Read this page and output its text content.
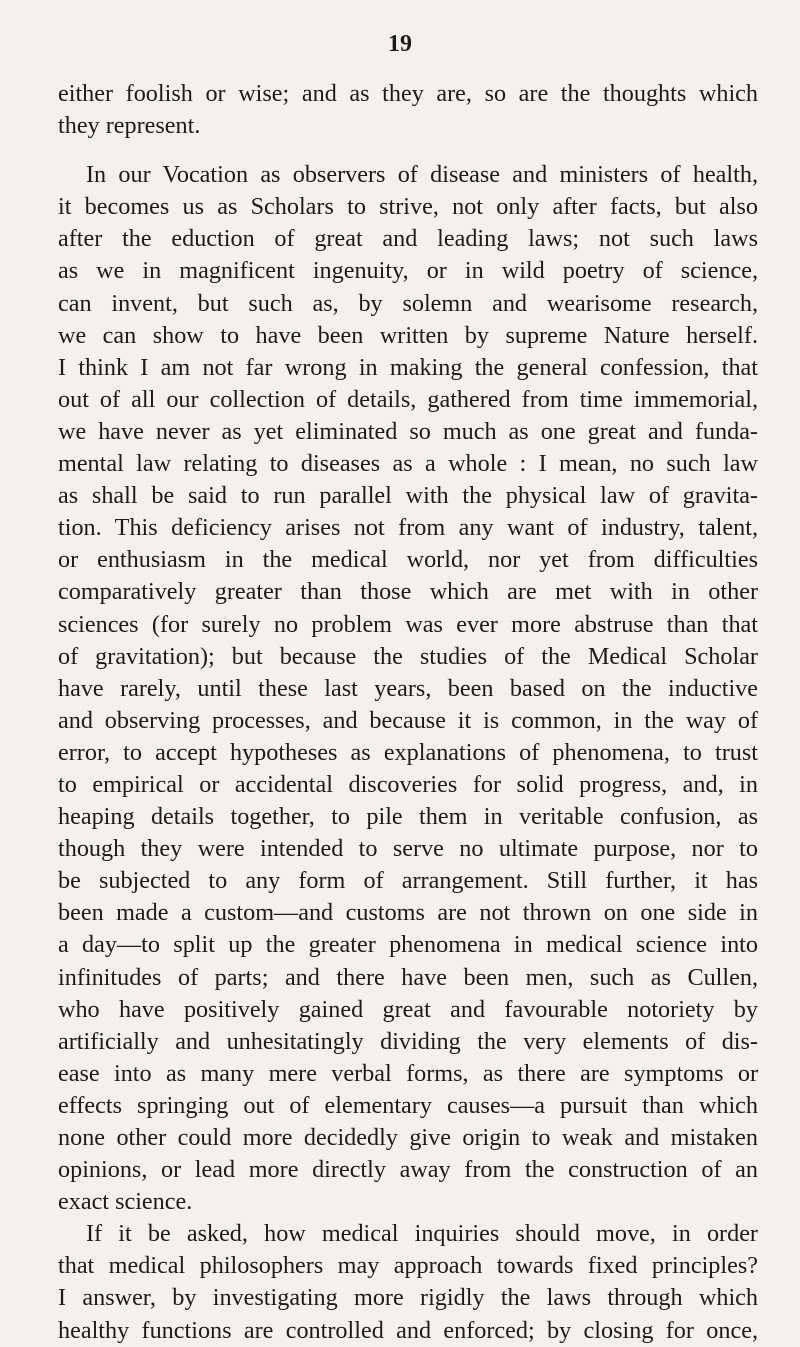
19
either foolish or wise; and as they are, so are the thoughts which
they represent.
In our Vocation as observers of disease and ministers of health,
it becomes us as Scholars to strive, not only after facts, but also
after the eduction of great and leading laws; not such laws
as we in magnificent ingenuity, or in wild poetry of science,
can invent, but such as, by solemn and wearisome research,
we can show to have been written by supreme Nature herself.
I think I am not far wrong in making the general confession, that
out of all our collection of details, gathered from time immemorial,
we have never as yet eliminated so much as one great and funda-
mental law relating to diseases as a whole : I mean, no such law
as shall be said to run parallel with the physical law of gravita-
tion. This deficiency arises not from any want of industry, talent,
or enthusiasm in the medical world, nor yet from difficulties
comparatively greater than those which are met with in other
sciences (for surely no problem was ever more abstruse than that
of gravitation); but because the studies of the Medical Scholar
have rarely, until these last years, been based on the inductive
and observing processes, and because it is common, in the way of
error, to accept hypotheses as explanations of phenomena, to trust
to empirical or accidental discoveries for solid progress, and, in
heaping details together, to pile them in veritable confusion, as
though they were intended to serve no ultimate purpose, nor to
be subjected to any form of arrangement. Still further, it has
been made a custom—and customs are not thrown on one side in
a day—to split up the greater phenomena in medical science into
infinitudes of parts; and there have been men, such as Cullen,
who have positively gained great and favourable notoriety by
artificially and unhesitatingly dividing the very elements of dis-
ease into as many mere verbal forms, as there are symptoms or
effects springing out of elementary causes—a pursuit than which
none other could more decidedly give origin to weak and mistaken
opinions, or lead more directly away from the construction of an
exact science.
If it be asked, how medical inquiries should move, in order
that medical philosophers may approach towards fixed principles?
I answer, by investigating more rigidly the laws through which
healthy functions are controlled and enforced; by closing for once,
